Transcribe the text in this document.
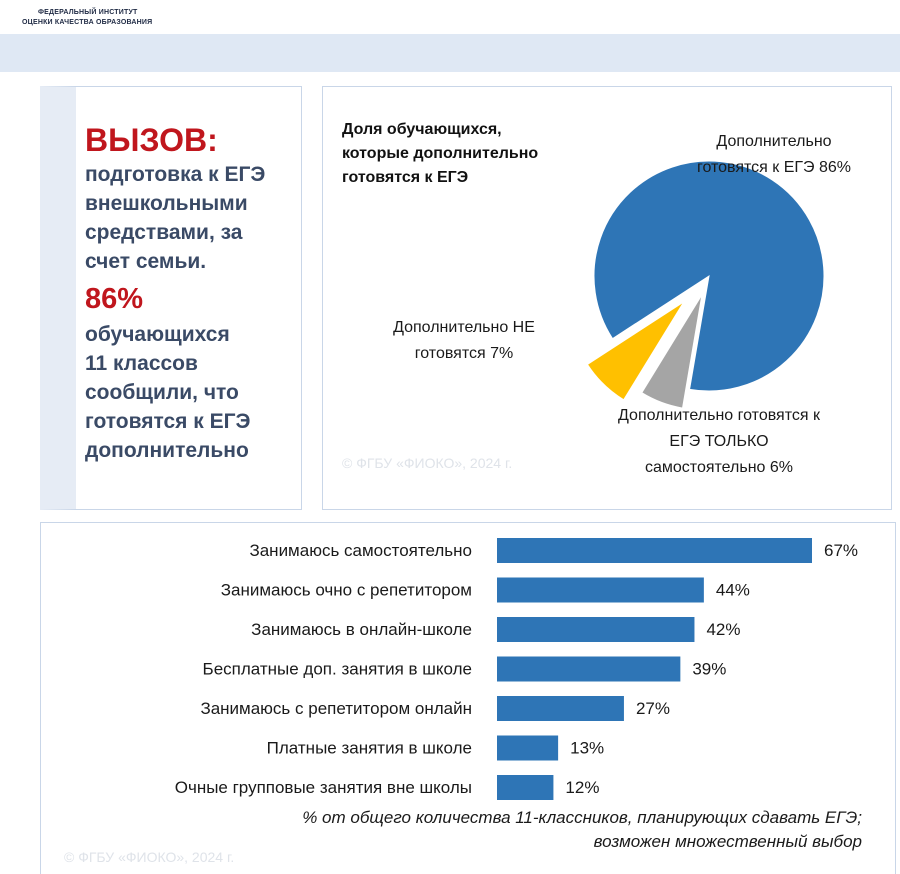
ФЕДЕРАЛЬНЫЙ ИНСТИТУТ
ОЦЕНКИ КАЧЕСТВА ОБРАЗОВАНИЯ
ВЫЗОВ:
подготовка к ЕГЭ
внешкольными
средствами, за
счет семьи.
86%
обучающихся
11 классов
сообщили, что
готовятся к ЕГЭ
дополнительно
Доля обучающихся, которые дополнительно готовятся к ЕГЭ
Дополнительно готовятся к ЕГЭ 86%
Дополнительно готовятся к ЕГЭ ТОЛЬКО самостоятельно 6%
Дополнительно НЕ готовятся 7%
© ФГБУ «ФИОКО», 2024 г.
Занимаюсь самостоятельно	67%
Занимаюсь очно с репетитором	44%
Занимаюсь в онлайн-школе	42%
Бесплатные доп. занятия в школе	39%
Занимаюсь с репетитором онлайн	27%
Платные занятия в школе	13%
Очные групповые занятия вне школы	12%
% от общего количества 11-классников, планирующих сдавать ЕГЭ;
возможен множественный выбор
© ФГБУ «ФИОКО», 2024 г.
